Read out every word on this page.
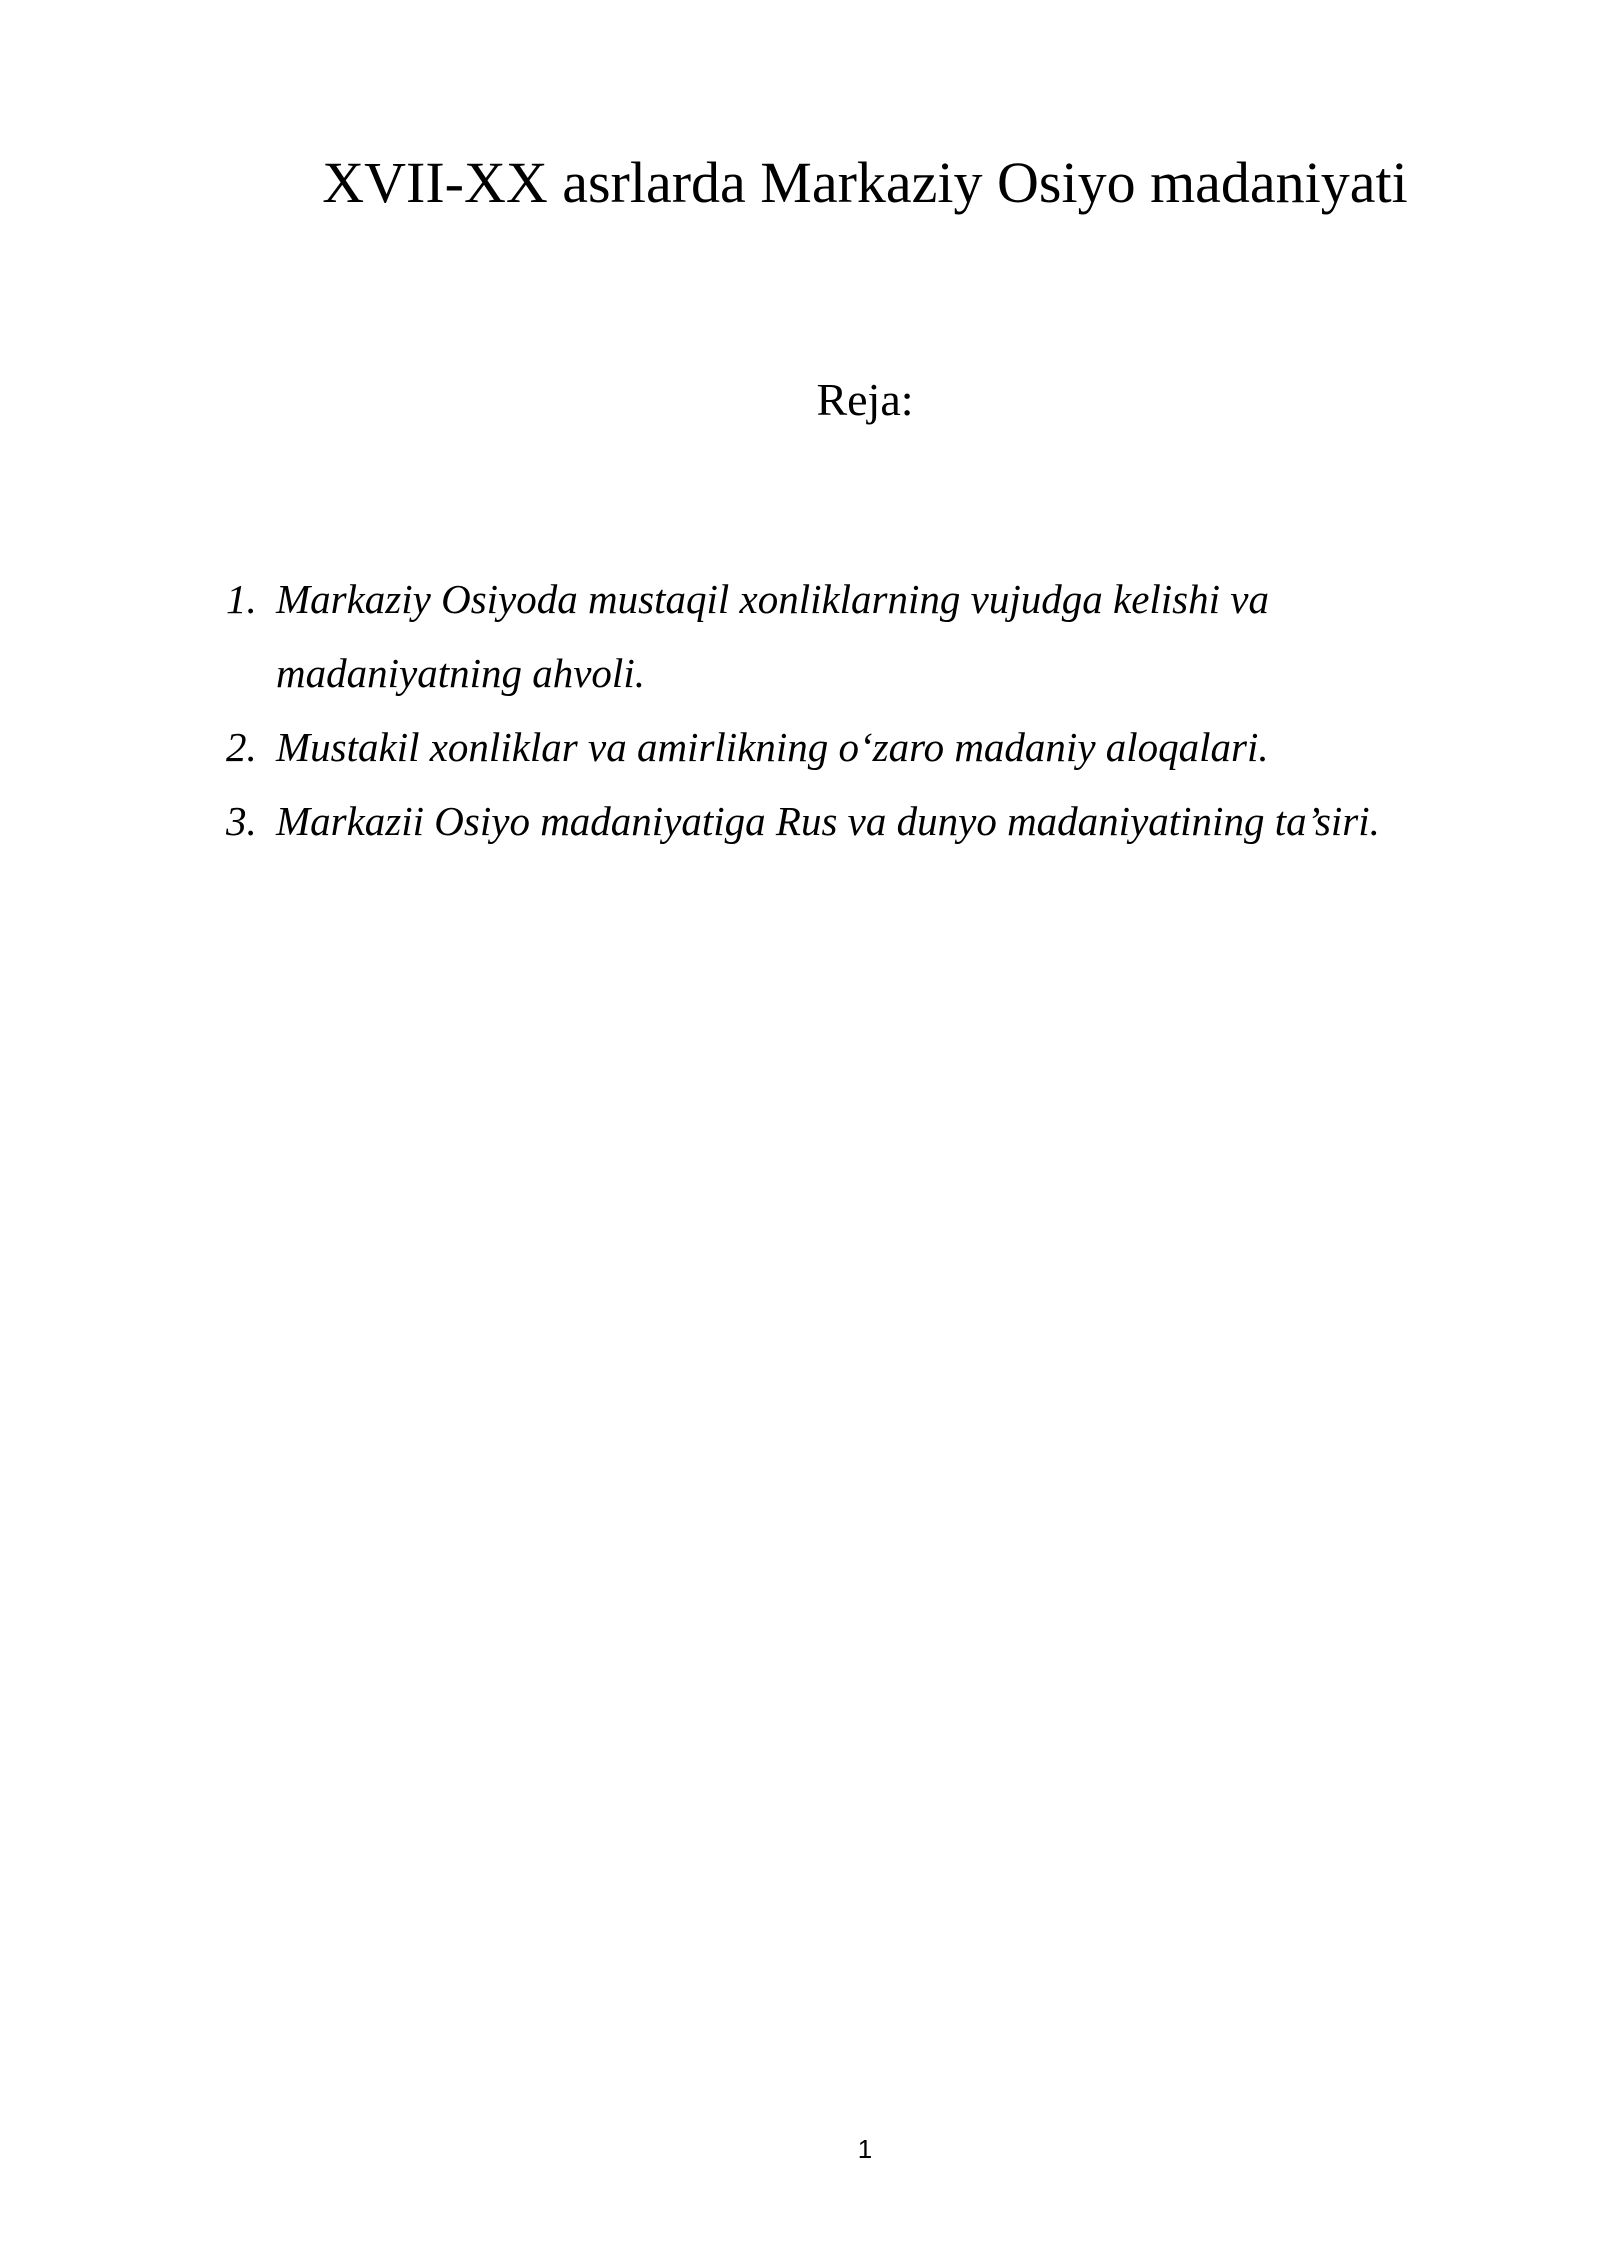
XVII-XX asrlarda Markaziy Osiyo madaniyati
Reja:
1. Markaziy Osiyoda mustaqil xonliklarning vujudga kelishi va madaniyatning ahvoli.
2. Mustakil xonliklar va amirlikning o‘zaro madaniy aloqalari.
3. Markazii Osiyo madaniyatiga Rus va dunyo madaniyatining ta’siri.
1
